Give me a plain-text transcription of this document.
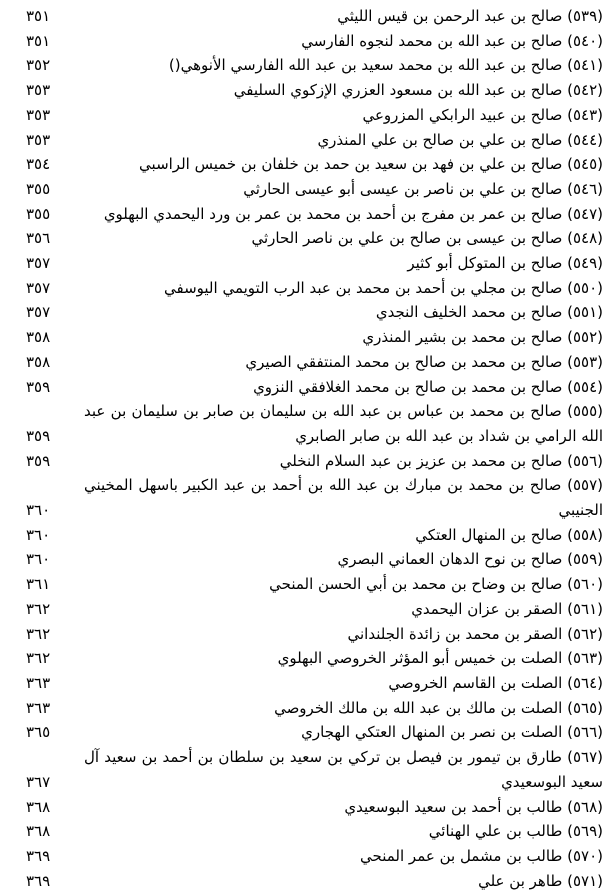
(٥٣٩) صالح بن عبد الرحمن بن قيس الليثي
٣٥١
(٥٤٠) صالح بن عبد الله بن محمد لنجوه الفارسي
٣٥١
(٥٤١) صالح بن عبد الله بن محمد سعيد بن عبد الله الفارسي الأنوهي()
٣٥٢
(٥٤٢) صالح بن عبد الله بن مسعود العزري الإزكوي السليفي
٣٥٣
(٥٤٣) صالح بن عبيد الرابكي المزروعي
٣٥٣
(٥٤٤) صالح بن علي بن صالح بن علي المنذري
٣٥٣
(٥٤٥) صالح بن علي بن فهد بن سعيد بن حمد بن خلفان بن خميس الراسبي
٣٥٤
(٥٤٦) صالح بن علي بن ناصر بن عيسى أبو عيسى الحارثي
٣٥٥
(٥٤٧) صالح بن عمر بن مفرج بن أحمد بن محمد بن عمر بن ورد اليحمدي البهلوي
٣٥٥
(٥٤٨) صالح بن عيسى بن صالح بن علي بن ناصر الحارثي
٣٥٦
(٥٤٩) صالح بن المتوكل أبو كثير
٣٥٧
(٥٥٠) صالح بن مجلي بن أحمد بن محمد بن عبد الرب التويمي اليوسفي
٣٥٧
(٥٥١) صالح بن محمد الخليف النجدي
٣٥٧
(٥٥٢) صالح بن محمد بن بشير المنذري
٣٥٨
(٥٥٣) صالح بن محمد بن صالح بن محمد المنتفقي الصيري
٣٥٨
(٥٥٤) صالح بن محمد بن صالح بن محمد الغلافقي النزوي
٣٥٩
(٥٥٥) صالح بن محمد بن عباس بن عبد الله بن سليمان بن صابر بن سليمان بن عبد الله الرامي بن شداد بن عبد الله بن صابر الصابري
٣٥٩
(٥٥٦) صالح بن محمد بن عزيز بن عبد السلام النخلي
٣٥٩
(٥٥٧) صالح بن محمد بن مبارك بن عبد الله بن أحمد بن عبد الكبير باسهل المخيني الجنيبي
٣٦٠
(٥٥٨) صالح بن المنهال العتكي
٣٦٠
(٥٥٩) صالح بن نوح الدهان العماني البصري
٣٦٠
(٥٦٠) صالح بن وضاح بن محمد بن أبي الحسن المنحي
٣٦١
(٥٦١) الصقر بن عزان اليحمدي
٣٦٢
(٥٦٢) الصقر بن محمد بن زائدة الجلنداني
٣٦٢
(٥٦٣) الصلت بن خميس أبو المؤثر الخروصي البهلوي
٣٦٢
(٥٦٤) الصلت بن القاسم الخروصي
٣٦٣
(٥٦٥) الصلت بن مالك بن عبد الله بن مالك الخروصي
٣٦٣
(٥٦٦) الصلت بن نصر بن المنهال العتكي الهجاري
٣٦٥
(٥٦٧) طارق بن تيمور بن فيصل بن تركي بن سعيد بن سلطان بن أحمد بن سعيد آل سعيد البوسعيدي
٣٦٧
(٥٦٨) طالب بن أحمد بن سعيد البوسعيدي
٣٦٨
(٥٦٩) طالب بن علي الهنائي
٣٦٨
(٥٧٠) طالب بن مشمل بن عمر المنحي
٣٦٩
(٥٧١) طاهر بن علي
٣٦٩
